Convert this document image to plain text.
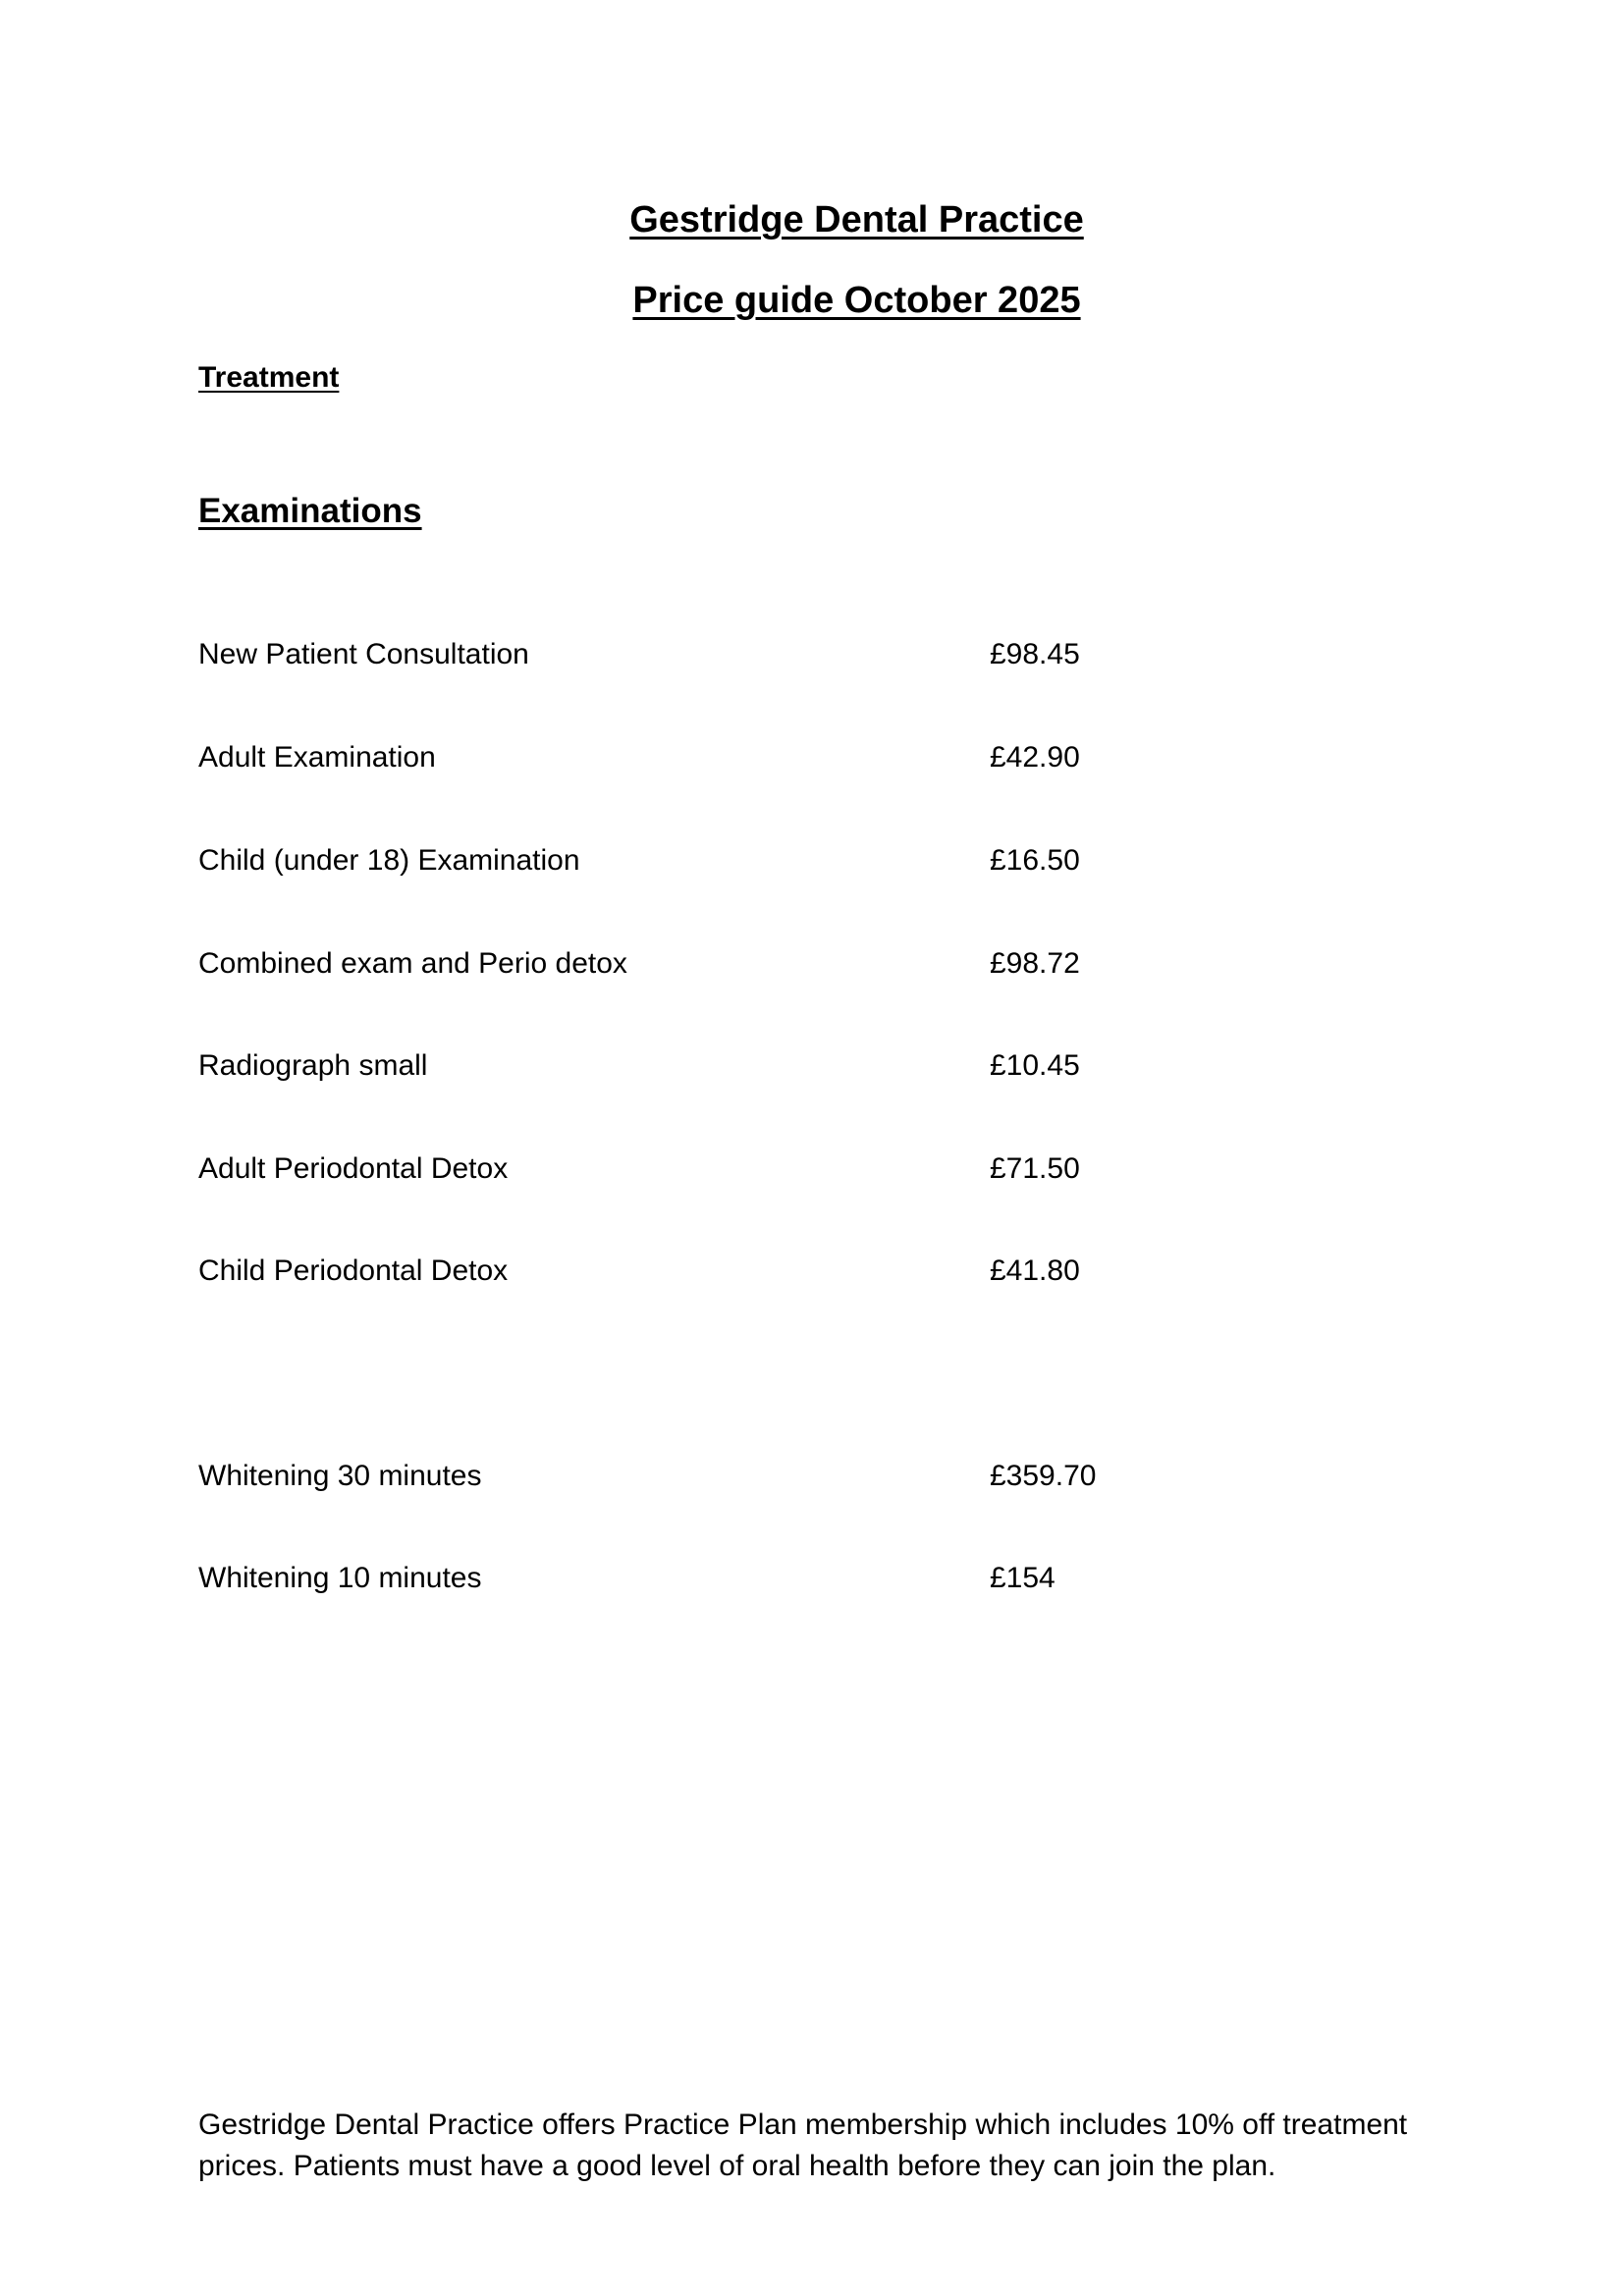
Gestridge Dental Practice
Price guide October 2025
Treatment
Examinations
New Patient Consultation	£98.45
Adult Examination	£42.90
Child (under 18) Examination	£16.50
Combined exam and Perio detox	£98.72
Radiograph small	£10.45
Adult Periodontal Detox	£71.50
Child Periodontal Detox	£41.80
Whitening 30 minutes	£359.70
Whitening 10 minutes	£154
Gestridge Dental Practice offers Practice Plan membership which includes 10% off treatment prices. Patients must have a good level of oral health before they can join the plan.
